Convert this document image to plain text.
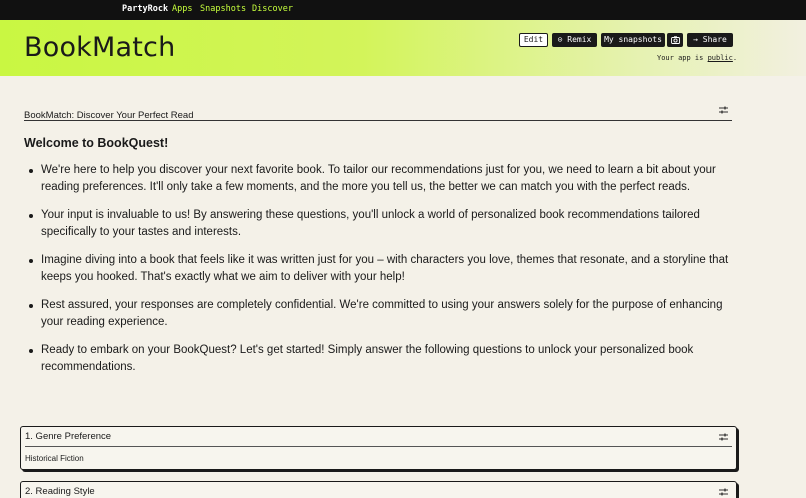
PartyRock Apps Snapshots Discover
BookMatch	Edit	⊙ Remix	My snapshots	→ Share
Your app is public.
BookMatch: Discover Your Perfect Read
Welcome to BookQuest!
We're here to help you discover your next favorite book. To tailor our recommendations just for you, we need to learn a bit about your reading preferences. It'll only take a few moments, and the more you tell us, the better we can match you with the perfect reads.
Your input is invaluable to us! By answering these questions, you'll unlock a world of personalized book recommendations tailored specifically to your tastes and interests.
Imagine diving into a book that feels like it was written just for you – with characters you love, themes that resonate, and a storyline that keeps you hooked. That's exactly what we aim to deliver with your help!
Rest assured, your responses are completely confidential. We're committed to using your answers solely for the purpose of enhancing your reading experience.
Ready to embark on your BookQuest? Let's get started! Simply answer the following questions to unlock your personalized book recommendations.
1. Genre Preference
Historical Fiction
2. Reading Style
